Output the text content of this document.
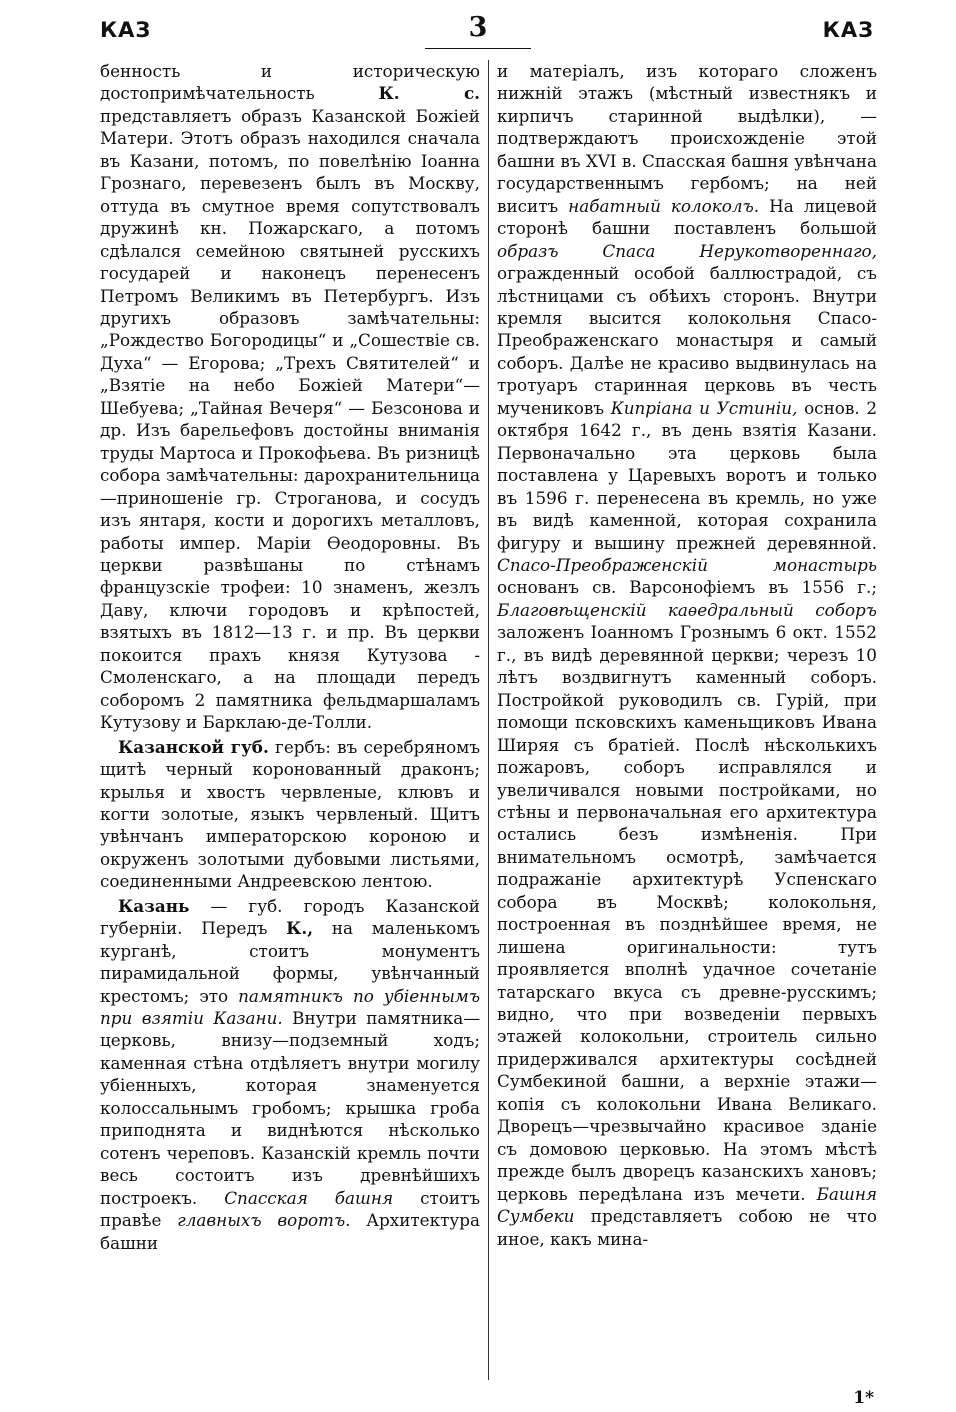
КАЗ	3	КАЗ

бенность и историческую достопримѣчательность К. с. представляетъ образъ Казанской Божіей Матери. Этотъ образъ находился сначала въ Казани, потомъ, по повелѣнію Іоанна Грознаго, перевезенъ былъ въ Москву, оттуда въ смутное время сопутствовалъ дружинѣ кн. Пожарскаго, а потомъ сдѣлался семейною святыней русскихъ государей и наконецъ перенесенъ Петромъ Великимъ въ Петербургъ. Изъ другихъ образовъ замѣчательны: „Рождество Богородицы“ и „Сошествіе св. Духа“ — Егорова; „Трехъ Святителей“ и „Взятіе на небо Божіей Матери“—Шебуева; „Тайная Вечеря“ — Безсонова и др. Изъ барельефовъ достойны вниманія труды Мартоса и Прокофьева. Въ ризницѣ собора замѣчательны: дарохранительница—приношеніе гр. Строганова, и сосудъ изъ янтаря, кости и дорогихъ металловъ, работы импер. Маріи Ѳеодоровны. Въ церкви развѣшаны по стѣнамъ французскіе трофеи: 10 знаменъ, жезлъ Даву, ключи городовъ и крѣпостей, взятыхъ въ 1812—13 г. и пр. Въ церкви покоится прахъ князя Кутузова - Смоленскаго, а на площади передъ соборомъ 2 памятника фельдмаршаламъ Кутузову и Барклаю-де-Толли.

Казанской губ. гербъ: въ серебряномъ щитѣ черный коронованный драконъ; крылья и хвостъ червленые, клювъ и когти золотые, языкъ червленый. Щитъ увѣнчанъ императорскою короною и окруженъ золотыми дубовыми листьями, соединенными Андреевскою лентою.

Казань — губ. городъ Казанской губерніи. Передъ К., на маленькомъ курганѣ, стоитъ монументъ пирамидальной формы, увѣнчанный крестомъ; это памятникъ по убіеннымъ при взятіи Казани. Внутри памятника—церковь, внизу—подземный ходъ; каменная стѣна отдѣляетъ внутри могилу убіенныхъ, которая знаменуется колоссальнымъ гробомъ; крышка гроба приподнята и виднѣются нѣсколько сотенъ череповъ. Казанскій кремль почти весь состоитъ изъ древнѣйшихъ построекъ. Спасская башня стоитъ правѣе главныхъ воротъ. Архитектура башни

и матеріалъ, изъ котораго сложенъ нижній этажъ (мѣстный известнякъ и кирпичъ старинной выдѣлки), — подтверждаютъ происхожденіе этой башни въ XVI в. Спасская башня увѣнчана государственнымъ гербомъ; на ней виситъ набатный колоколъ. На лицевой сторонѣ башни поставленъ большой образъ Спаса Нерукотвореннаго, огражденный особой баллюстрадой, съ лѣстницами съ обѣихъ сторонъ. Внутри кремля высится колокольня Спасо-Преображенскаго монастыря и самый соборъ. Далѣе не красиво выдвинулась на тротуаръ старинная церковь въ честь мучениковъ Кипріана и Устиніи, основ. 2 октября 1642 г., въ день взятія Казани. Первоначально эта церковь была поставлена у Царевыхъ воротъ и только въ 1596 г. перенесена въ кремль, но уже въ видѣ каменной, которая сохранила фигуру и вышину прежней деревянной. Спасо-Преображенскій монастырь основанъ св. Варсонофіемъ въ 1556 г.; Благовѣщенскій каѳедральный соборъ заложенъ Іоанномъ Грознымъ 6 окт. 1552 г., въ видѣ деревянной церкви; черезъ 10 лѣтъ воздвигнутъ каменный соборъ. Постройкой руководилъ св. Гурій, при помощи псковскихъ каменьщиковъ Ивана Ширяя съ братіей. Послѣ нѣсколькихъ пожаровъ, соборъ исправлялся и увеличивался новыми постройками, но стѣны и первоначальная его архитектура остались безъ измѣненія. При внимательномъ осмотрѣ, замѣчается подражаніе архитектурѣ Успенскаго собора въ Москвѣ; колокольня, построенная въ позднѣйшее время, не лишена оригинальности: тутъ проявляется вполнѣ удачное сочетаніе татарскаго вкуса съ древне-русскимъ; видно, что при возведеніи первыхъ этажей колокольни, строитель сильно придерживался архитектуры сосѣдней Сумбекиной башни, а верхніе этажи—копія съ колокольни Ивана Великаго. Дворецъ—чрезвычайно красивое зданіе съ домовою церковью. На этомъ мѣстѣ прежде былъ дворецъ казанскихъ хановъ; церковь передѣлана изъ мечети. Башня Сумбеки представляетъ собою не что иное, какъ мина-

1*
